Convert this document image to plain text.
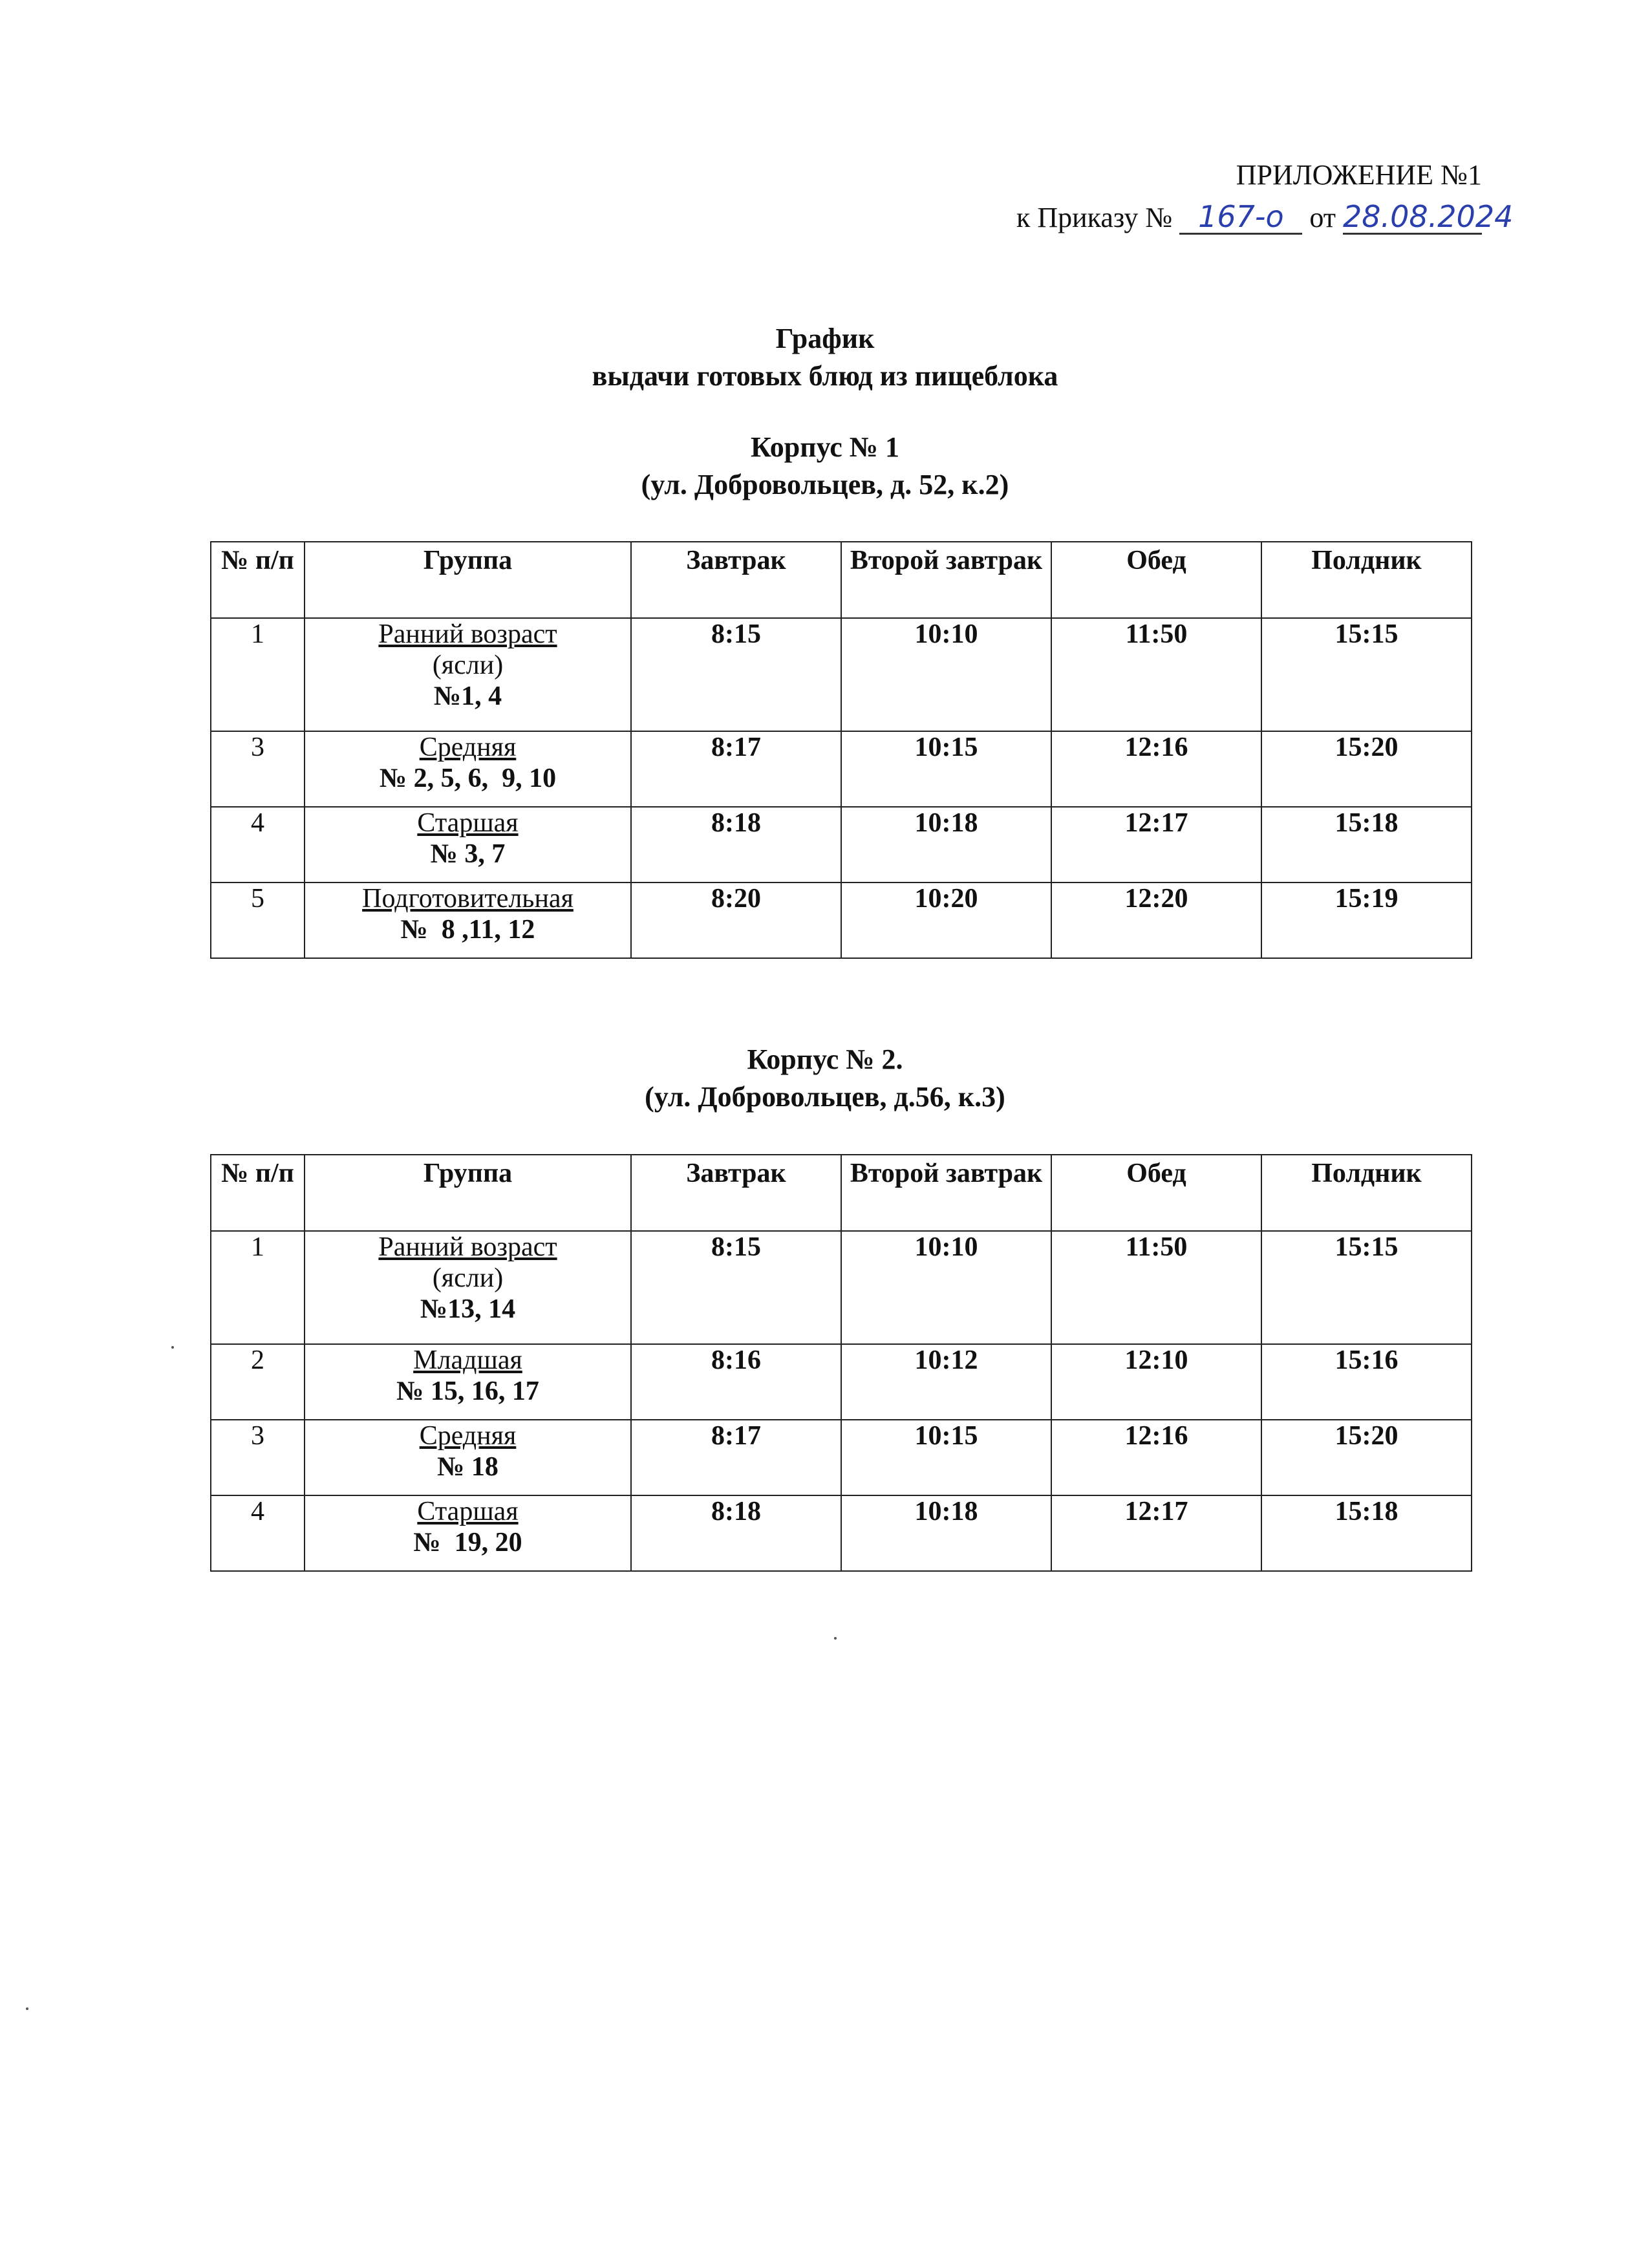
ПРИЛОЖЕНИЕ №1
к Приказу № 167-о от 28.08.2024
График
выдачи готовых блюд из пищеблока
Корпус № 1
(ул. Добровольцев, д. 52, к.2)
№ п/п	Группа	Завтрак	Второй завтрак	Обед	Полдник
1	Ранний возраст
(ясли)
№1, 4	8:15	10:10	11:50	15:15
3	Средняя
№ 2, 5, 6,  9, 10	8:17	10:15	12:16	15:20
4	Старшая
№ 3, 7	8:18	10:18	12:17	15:18
5	Подготовительная
№  8 ,11, 12	8:20	10:20	12:20	15:19
Корпус № 2.
(ул. Добровольцев, д.56, к.3)
№ п/п	Группа	Завтрак	Второй завтрак	Обед	Полдник
1	Ранний возраст
(ясли)
№13, 14	8:15	10:10	11:50	15:15
2	Младшая
№ 15, 16, 17	8:16	10:12	12:10	15:16
3	Средняя
№ 18	8:17	10:15	12:16	15:20
4	Старшая
№  19, 20	8:18	10:18	12:17	15:18
